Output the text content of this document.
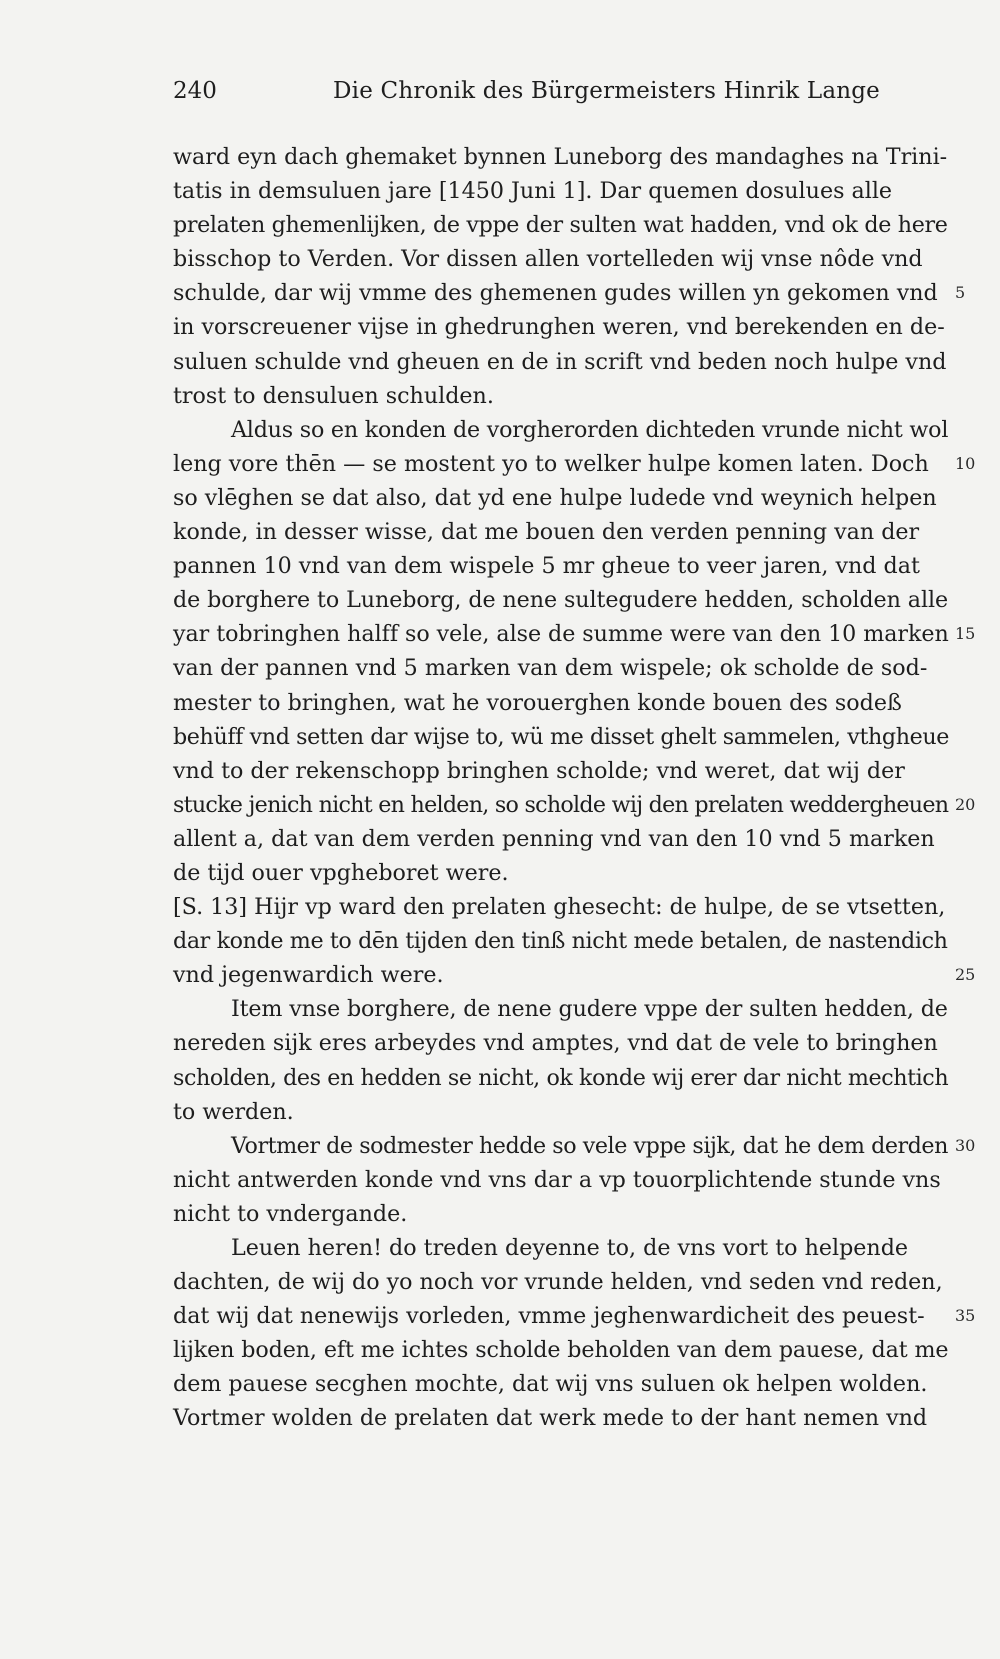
240	Die Chronik des Bürgermeisters Hinrik Lange
ward eyn dach ghemaket bynnen Luneborg des mandaghes na Trini-
tatis in demsuluen jare [1450 Juni 1]. Dar quemen dosulues alle
prelaten ghemenlijken, de vppe der sulten wat hadden, vnd ok de here
bisschop to Verden. Vor dissen allen vortelleden wij vnse nôde vnd
schulde, dar wij vmme des ghemenen gudes willen yn gekomen vnd
in vorscreuener vijse in ghedrunghen weren, vnd berekenden en de-
suluen schulde vnd gheuen en de in scrift vnd beden noch hulpe vnd
trost to densuluen schulden.
Aldus so en konden de vorgherorden dichteden vrunde nicht wol
leng vore thēn — se mostent yo to welker hulpe komen laten. Doch
so vlēghen se dat also, dat yd ene hulpe ludede vnd weynich helpen
konde, in desser wisse, dat me bouen den verden penning van der
pannen 10 vnd van dem wispele 5 mr gheue to veer jaren, vnd dat
de borghere to Luneborg, de nene sultegudere hedden, scholden alle
yar tobringhen halff so vele, alse de summe were van den 10 marken
van der pannen vnd 5 marken van dem wispele; ok scholde de sod-
mester to bringhen, wat he vorouerghen konde bouen des sodeß
behüff vnd setten dar wijse to, wü me disset ghelt sammelen, vthgheue
vnd to der rekenschopp bringhen scholde; vnd weret, dat wij der
stucke jenich nicht en helden, so scholde wij den prelaten weddergheuen
allent a, dat van dem verden penning vnd van den 10 vnd 5 marken
de tijd ouer vpgheboret were.
[S. 13] Hijr vp ward den prelaten ghesecht: de hulpe, de se vtsetten,
dar konde me to dēn tijden den tinß nicht mede betalen, de nastendich
vnd jegenwardich were.
Item vnse borghere, de nene gudere vppe der sulten hedden, de
nereden sijk eres arbeydes vnd amptes, vnd dat de vele to bringhen
scholden, des en hedden se nicht, ok konde wij erer dar nicht mechtich
to werden.
Vortmer de sodmester hedde so vele vppe sijk, dat he dem derden
nicht antwerden konde vnd vns dar a vp touorplichtende stunde vns
nicht to vndergande.
Leuen heren! do treden deyenne to, de vns vort to helpende
dachten, de wij do yo noch vor vrunde helden, vnd seden vnd reden,
dat wij dat nenewijs vorleden, vmme jeghenwardicheit des peuest-
lijken boden, eft me ichtes scholde beholden van dem pauese, dat me
dem pauese secghen mochte, dat wij vns suluen ok helpen wolden.
Vortmer wolden de prelaten dat werk mede to der hant nemen vnd
5
10
15
20
25
30
35
